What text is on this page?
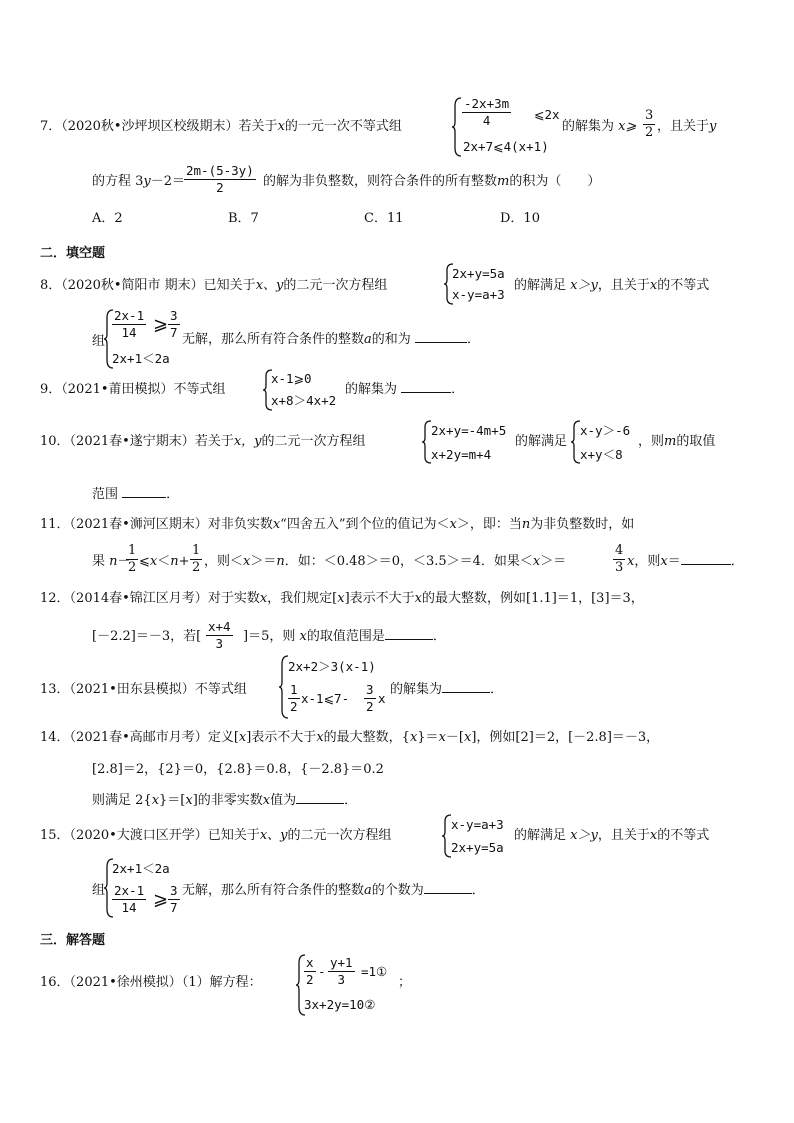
7．（2020秋•沙坪坝区校级期末）若关于x的一元一次不等式组	$\frac{-2x+3m}{4}$ ⩽2x
2x+7⩽4(x+1)
的解集为 x⩾ $\frac{3}{2}$ ，且关于y
的方程 3y－2＝
$\frac{2m-(5-3y)}{2}$ 的解为非负整数，则符合条件的所有整数m的积为（　　）
A．2	B．7	C．11	D．10
二．填空题
8．（2020秋•简阳市 期末）已知关于x、y的二元一次方程组
2x+y=5a
x-y=a+3
的解满足 x＞y，且关于x的不等式
组
$\frac{2x-1}{14}$ ⩾ $\frac{3}{7}$
2x+1＜2a
无解，那么所有符合条件的整数a的和为	．
9．（2021•莆田模拟）不等式组
x-1⩾0
x+8＞4x+2
的解集为	．
10．（2021春•遂宁期末）若关于x，y的二元一次方程组
2x+y=-4m+5
x+2y=m+4
的解满足
x-y＞-6
x+y＜8
，则m的取值
范围	．
11．（2021春•浉河区期末）对非负实数x“四舍五入”到个位的值记为＜x＞，即：当n为非负整数时，如
果 n－
$\frac{1}{2}$ ⩽x＜n+ $\frac{1}{2}$ ，则＜x＞＝n．如：＜0.48＞＝0，＜3.5＞＝4．如果＜x＞＝	$\frac{4}{3}$ x，则x＝	．
12．（2014春•锦江区月考）对于实数x，我们规定[x]表示不大于x的最大整数，例如[1.1]＝1，[3]＝3，
[－2.2]＝－3，若[ $\frac{x+4}{3} ]=5$，则 x的取值范围是	．
13．（2021•田东县模拟）不等式组
2x+2＞3(x-1)
$\frac{1}{2}$ x-1⩽7- $\frac{3}{2}$ x
的解集为	．
14．（2021春•高邮市月考）定义[x]表示不大于x的最大整数，{x}＝x－[x]，例如[2]＝2，[－2.8]＝－3，
[2.8]＝2，{2}＝0，{2.8}＝0.8，{－2.8}＝0.2
则满足 2{x}＝[x]的非零实数x值为	．
15．（2020•大渡口区开学）已知关于x、y的二元一次方程组
x-y=a+3
2x+y=5a
的解满足 x＞y，且关于x的不等式
组
2x+1＜2a
$\frac{2x-1}{14}$ ⩾ $\frac{3}{7}$ 无解，那么所有符合条件的整数a的个数为	．
三．解答题
16．（2021•徐州模拟）（1）解方程：	$\frac{x}{2} - \frac{y+1}{3}$ =1①
；
3x+2y=10②
